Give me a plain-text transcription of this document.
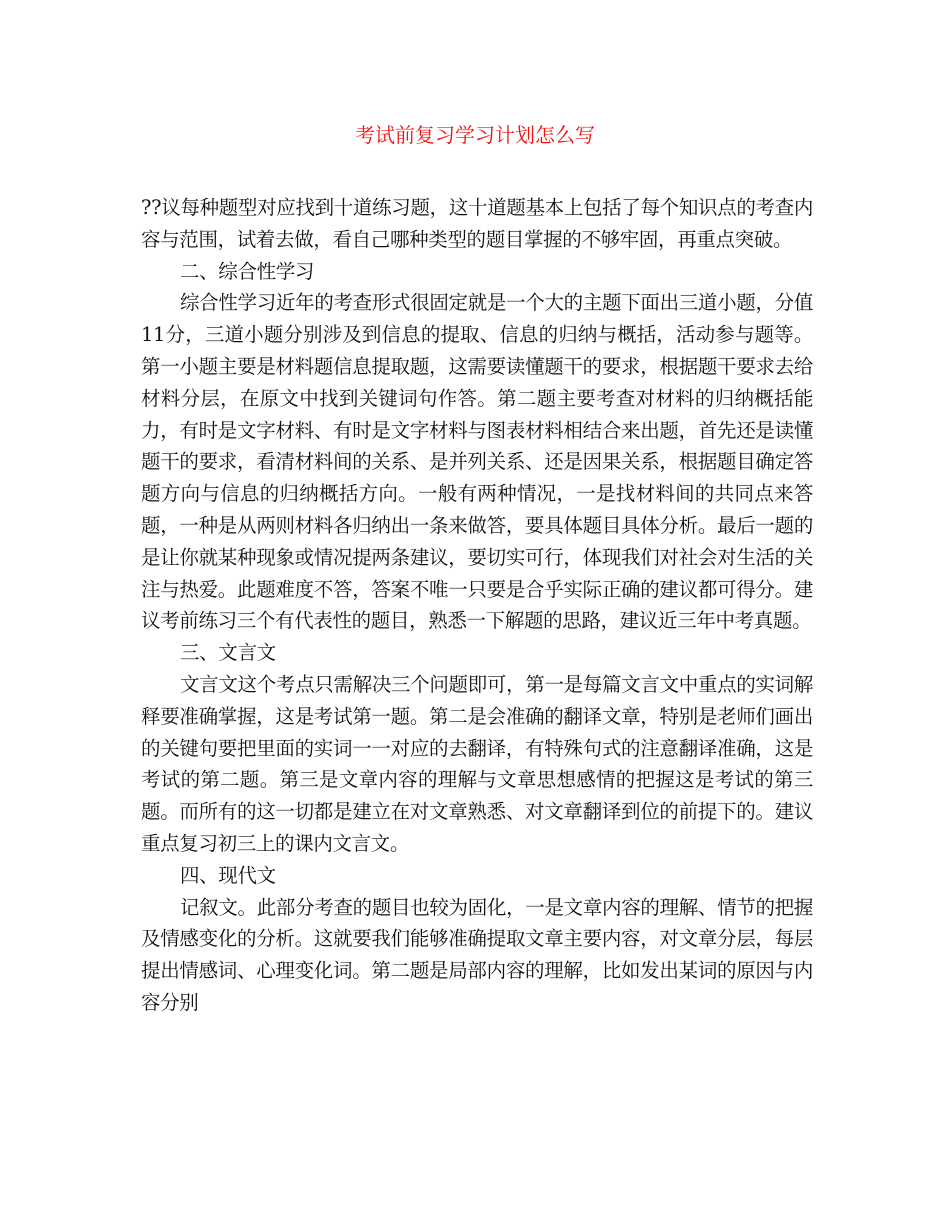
考试前复习学习计划怎么写

??议每种题型对应找到十道练习题，这十道题基本上包括了每个知识点的考查内容与范围，试着去做，看自己哪种类型的题目掌握的不够牢固，再重点突破。

二、综合性学习

综合性学习近年的考查形式很固定就是一个大的主题下面出三道小题，分值11分，三道小题分别涉及到信息的提取、信息的归纳与概括，活动参与题等。第一小题主要是材料题信息提取题，这需要读懂题干的要求，根据题干要求去给材料分层，在原文中找到关键词句作答。第二题主要考查对材料的归纳概括能力，有时是文字材料、有时是文字材料与图表材料相结合来出题，首先还是读懂题干的要求，看清材料间的关系、是并列关系、还是因果关系，根据题目确定答题方向与信息的归纳概括方向。一般有两种情况，一是找材料间的共同点来答题，一种是从两则材料各归纳出一条来做答，要具体题目具体分析。最后一题的是让你就某种现象或情况提两条建议，要切实可行，体现我们对社会对生活的关注与热爱。此题难度不答，答案不唯一只要是合乎实际正确的建议都可得分。建议考前练习三个有代表性的题目，熟悉一下解题的思路，建议近三年中考真题。

三、文言文

文言文这个考点只需解决三个问题即可，第一是每篇文言文中重点的实词解释要准确掌握，这是考试第一题。第二是会准确的翻译文章，特别是老师们画出的关键句要把里面的实词一一对应的去翻译，有特殊句式的注意翻译准确，这是考试的第二题。第三是文章内容的理解与文章思想感情的把握这是考试的第三题。而所有的这一切都是建立在对文章熟悉、对文章翻译到位的前提下的。建议重点复习初三上的课内文言文。

四、现代文

记叙文。此部分考查的题目也较为固化，一是文章内容的理解、情节的把握及情感变化的分析。这就要我们能够准确提取文章主要内容，对文章分层，每层提出情感词、心理变化词。第二题是局部内容的理解，比如发出某词的原因与内容分别
